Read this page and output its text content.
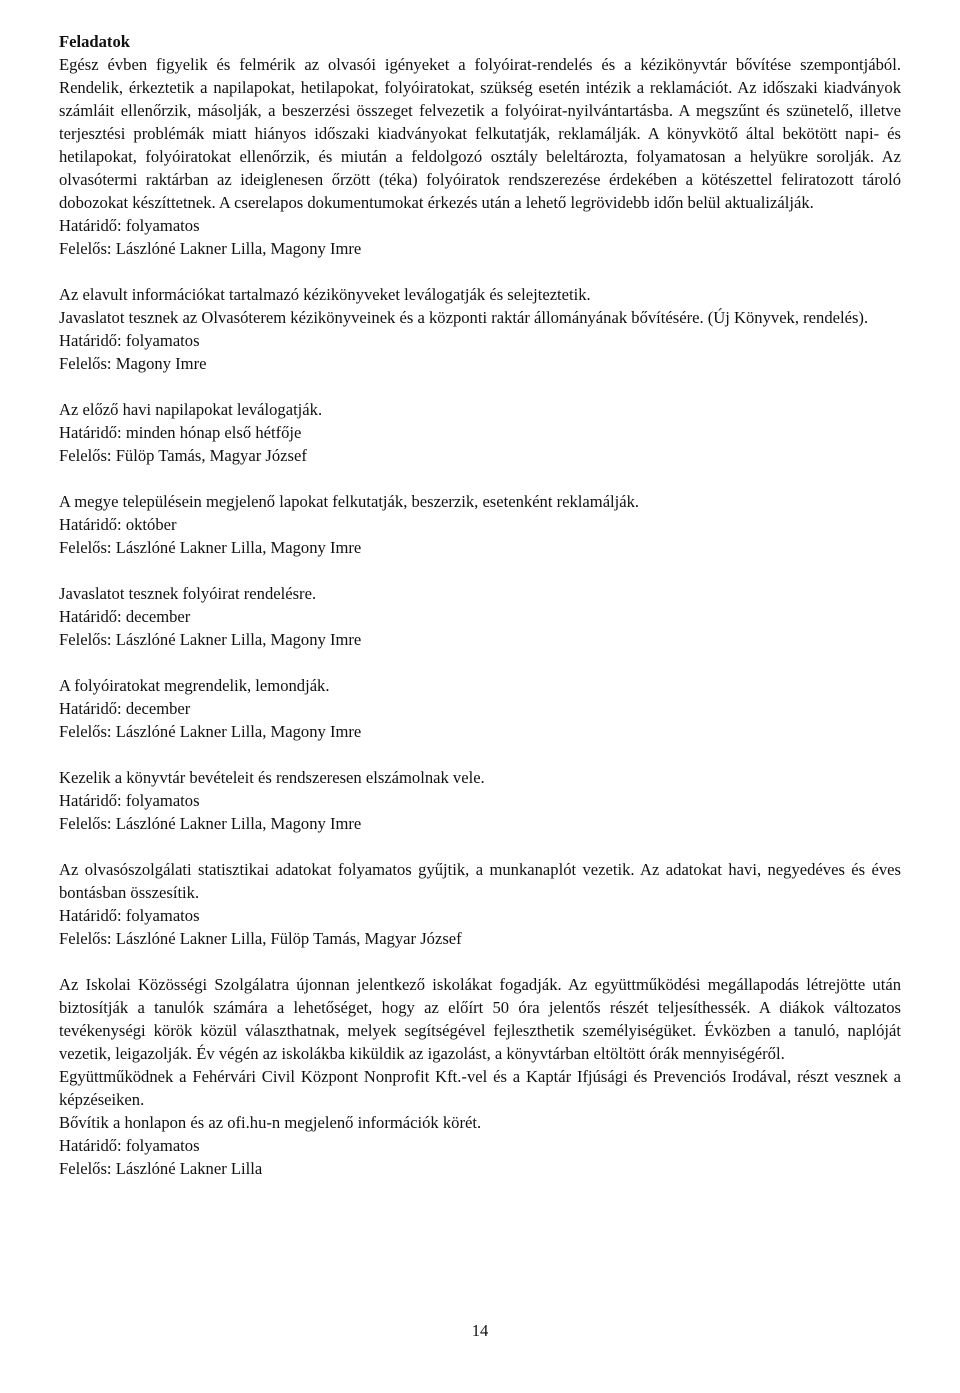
Feladatok

Egész évben figyelik és felmérik az olvasói igényeket a folyóirat-rendelés és a kézikönyvtár bővítése szempontjából. Rendelik, érkeztetik a napilapokat, hetilapokat, folyóiratokat, szükség esetén intézik a reklamációt. Az időszaki kiadványok számláit ellenőrzik, másolják, a beszerzési összeget felvezetik a folyóirat-nyilvántartásba. A megszűnt és szünetelő, illetve terjesztési problémák miatt hiányos időszaki kiadványokat felkutatják, reklamálják. A könyvkötő által bekötött napi- és hetilapokat, folyóiratokat ellenőrzik, és miután a feldolgozó osztály beleltározta, folyamatosan a helyükre sorolják. Az olvasótermi raktárban az ideiglenesen őrzött (téka) folyóiratok rendszerezése érdekében a kötészettel feliratozott tároló dobozokat készíttetnek. A cserelapos dokumentumokat érkezés után a lehető legrövidebb időn belül aktualizálják.

Határidő: folyamatos
Felelős: Lászlóné Lakner Lilla, Magony Imre

Az elavult információkat tartalmazó kézikönyveket leválogatják és selejteztetik.

Javaslatot tesznek az Olvasóterem kézikönyveinek és a központi raktár állományának bővítésére. (Új Könyvek, rendelés).

Határidő: folyamatos
Felelős: Magony Imre

Az előző havi napilapokat leválogatják.

Határidő: minden hónap első hétfője
Felelős: Fülöp Tamás, Magyar József

A megye településein megjelenő lapokat felkutatják, beszerzik, esetenként reklamálják.

Határidő: október
Felelős: Lászlóné Lakner Lilla, Magony Imre

Javaslatot tesznek folyóirat rendelésre.

Határidő: december
Felelős: Lászlóné Lakner Lilla, Magony Imre

A folyóiratokat megrendelik, lemondják.

Határidő: december
Felelős: Lászlóné Lakner Lilla, Magony Imre

Kezelik a könyvtár bevételeit és rendszeresen elszámolnak vele.

Határidő: folyamatos
Felelős: Lászlóné Lakner Lilla, Magony Imre

Az olvasószolgálati statisztikai adatokat folyamatos gyűjtik, a munkanaplót vezetik. Az adatokat havi, negyedéves és éves bontásban összesítik.

Határidő: folyamatos
Felelős: Lászlóné Lakner Lilla, Fülöp Tamás, Magyar József

Az Iskolai Közösségi Szolgálatra újonnan jelentkező iskolákat fogadják. Az együttműködési megállapodás létrejötte után biztosítják a tanulók számára a lehetőséget, hogy az előírt 50 óra jelentős részét teljesíthessék. A diákok változatos tevékenységi körök közül választhatnak, melyek segítségével fejleszthetik személyiségüket. Évközben a tanuló, naplóját vezetik, leigazolják. Év végén az iskolákba kiküldik az igazolást, a könyvtárban eltöltött órák mennyiségéről.

Együttműködnek a Fehérvári Civil Központ Nonprofit Kft.-vel és a Kaptár Ifjúsági és Prevenciós Irodával, részt vesznek a képzéseiken.

Bővítik a honlapon és az ofi.hu-n megjelenő információk körét.

Határidő: folyamatos
Felelős: Lászlóné Lakner Lilla
14
